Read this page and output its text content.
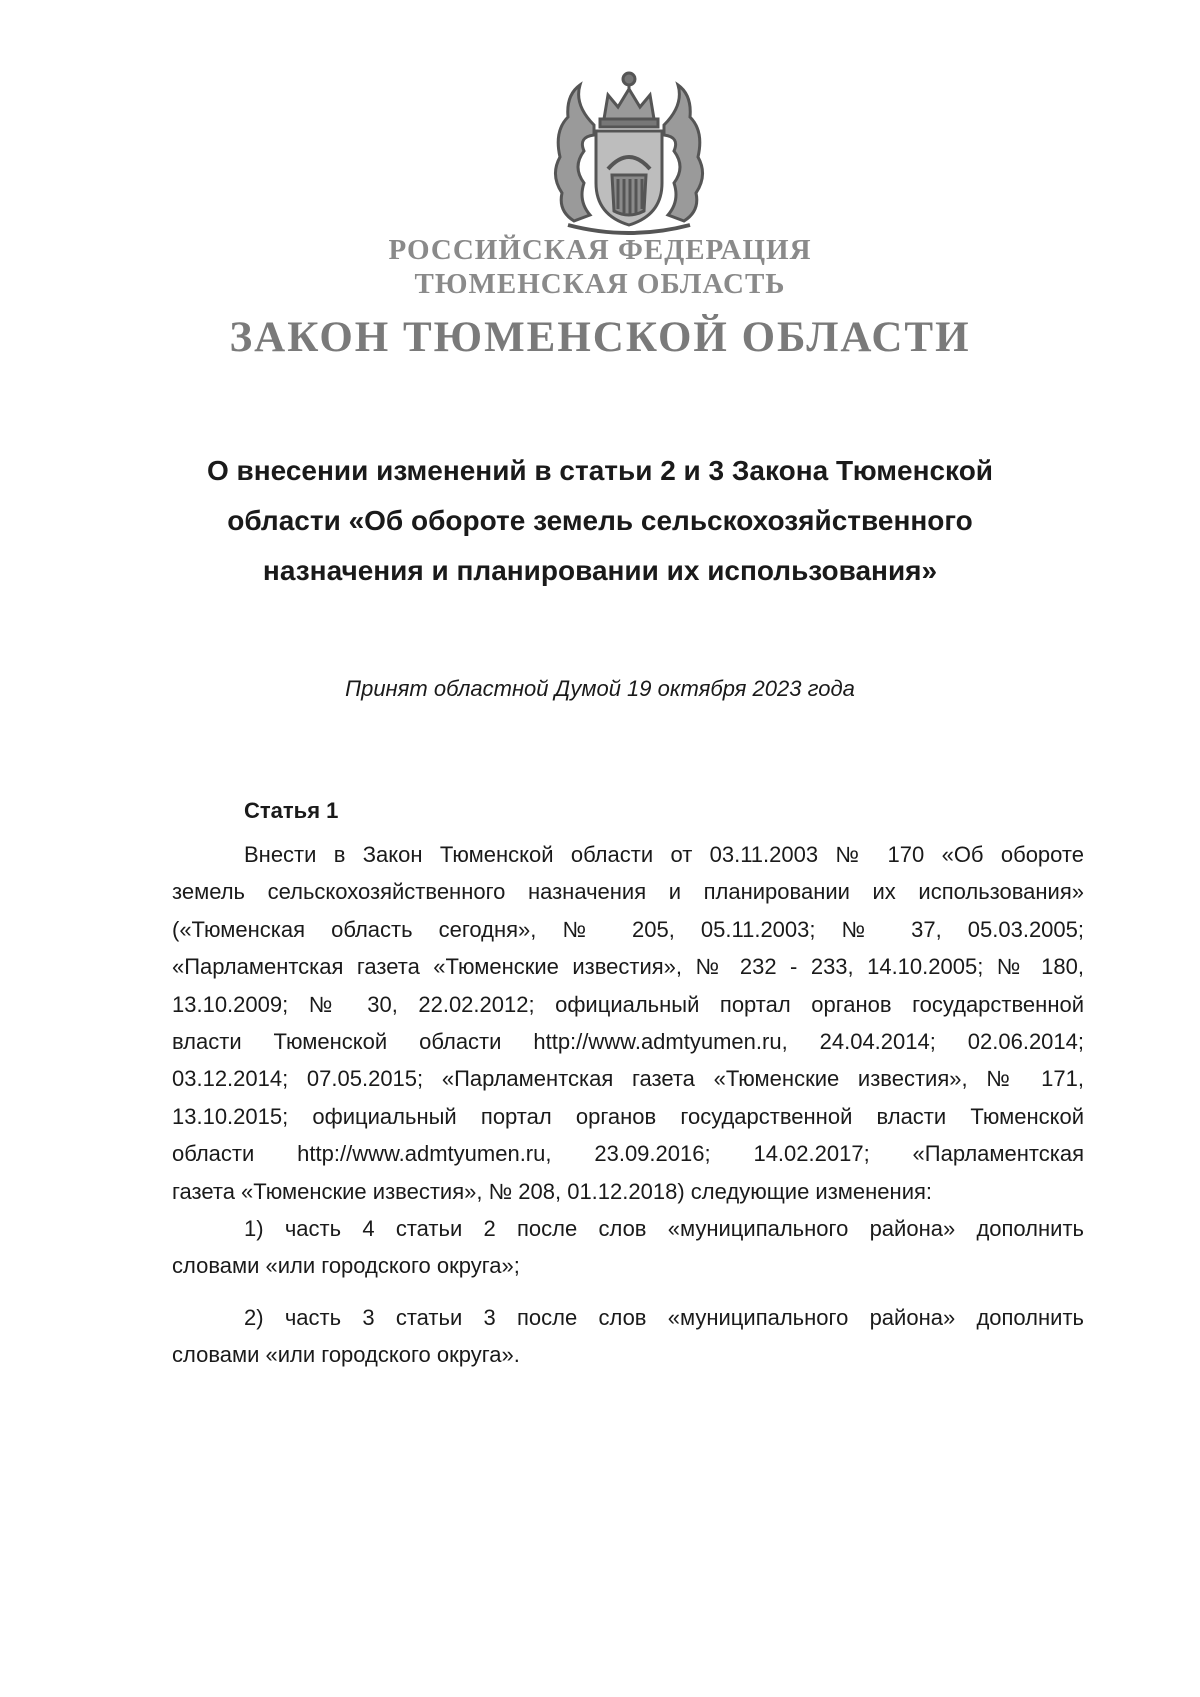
РОССИЙСКАЯ ФЕДЕРАЦИЯ
ТЮМЕНСКАЯ ОБЛАСТЬ
ЗАКОН ТЮМЕНСКОЙ ОБЛАСТИ
О внесении изменений в статьи 2 и 3 Закона Тюменской
области «Об обороте земель сельскохозяйственного
назначения и планировании их использования»
Принят областной Думой 19 октября 2023 года
Статья 1
Внести в Закон Тюменской области от 03.11.2003 № 170 «Об обороте
земель сельскохозяйственного назначения и планировании их использования»
(«Тюменская область сегодня», № 205, 05.11.2003; № 37, 05.03.2005;
«Парламентская газета «Тюменские известия», № 232 - 233, 14.10.2005; № 180,
13.10.2009; № 30, 22.02.2012; официальный портал органов государственной
власти Тюменской области http://www.admtyumen.ru, 24.04.2014; 02.06.2014;
03.12.2014; 07.05.2015; «Парламентская газета «Тюменские известия», № 171,
13.10.2015; официальный портал органов государственной власти Тюменской
области http://www.admtyumen.ru, 23.09.2016; 14.02.2017; «Парламентская
газета «Тюменские известия», № 208, 01.12.2018) следующие изменения:
1) часть 4 статьи 2 после слов «муниципального района» дополнить
словами «или городского округа»;
2) часть 3 статьи 3 после слов «муниципального района» дополнить
словами «или городского округа».
